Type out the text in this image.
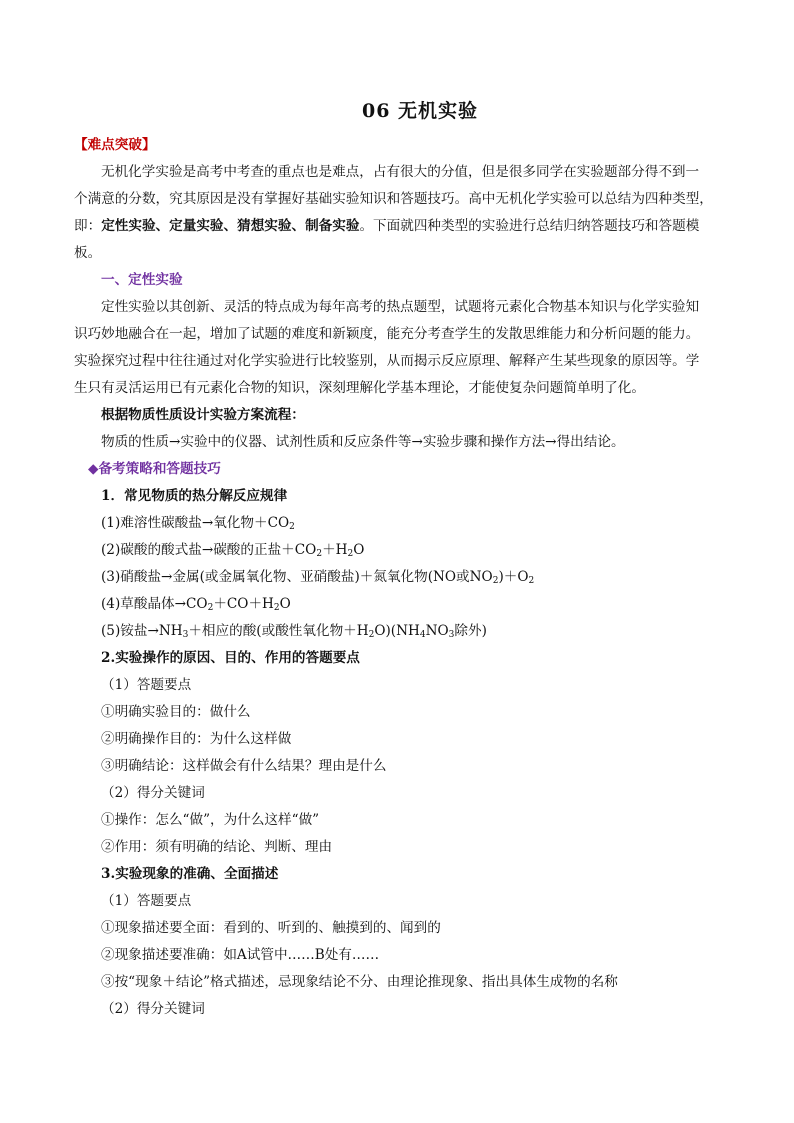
06 无机实验
【难点突破】
无机化学实验是高考中考查的重点也是难点，占有很大的分值，但是很多同学在实验题部分得不到一
个满意的分数，究其原因是没有掌握好基础实验知识和答题技巧。高中无机化学实验可以总结为四种类型，
即：定性实验、定量实验、猜想实验、制备实验。下面就四种类型的实验进行总结归纳答题技巧和答题模
板。
一、定性实验
定性实验以其创新、灵活的特点成为每年高考的热点题型，试题将元素化合物基本知识与化学实验知
识巧妙地融合在一起，增加了试题的难度和新颖度，能充分考查学生的发散思维能力和分析问题的能力。
实验探究过程中往往通过对化学实验进行比较鉴别，从而揭示反应原理、解释产生某些现象的原因等。学
生只有灵活运用已有元素化合物的知识，深刻理解化学基本理论，才能使复杂问题简单明了化。
根据物质性质设计实验方案流程：
物质的性质→实验中的仪器、试剂性质和反应条件等→实验步骤和操作方法→得出结论。
◆备考策略和答题技巧
1．常见物质的热分解反应规律
(1)难溶性碳酸盐→氧化物$+CO_2$
(2)碳酸的酸式盐→碳酸的正盐$+CO_2+H_2O$
(3)硝酸盐→金属(或金属氧化物、亚硝酸盐)＋氮氧化物(NO或$NO_2)+O_2$
(4)草酸晶体$\to CO_2+CO+H_2O$
(5)铵盐$\to NH_3+$相应的酸(或酸性氧化物$+H_2O)(NH_4NO_3$除外)
2.实验操作的原因、目的、作用的答题要点
（1）答题要点
①明确实验目的：做什么
②明确操作目的：为什么这样做
③明确结论：这样做会有什么结果？理由是什么
（2）得分关键词
①操作：怎么“做”，为什么这样“做”
②作用：须有明确的结论、判断、理由
3.实验现象的准确、全面描述
（1）答题要点
①现象描述要全面：看到的、听到的、触摸到的、闻到的
②现象描述要准确：如A试管中……B处有……
③按“现象＋结论”格式描述，忌现象结论不分、由理论推现象、指出具体生成物的名称
（2）得分关键词
